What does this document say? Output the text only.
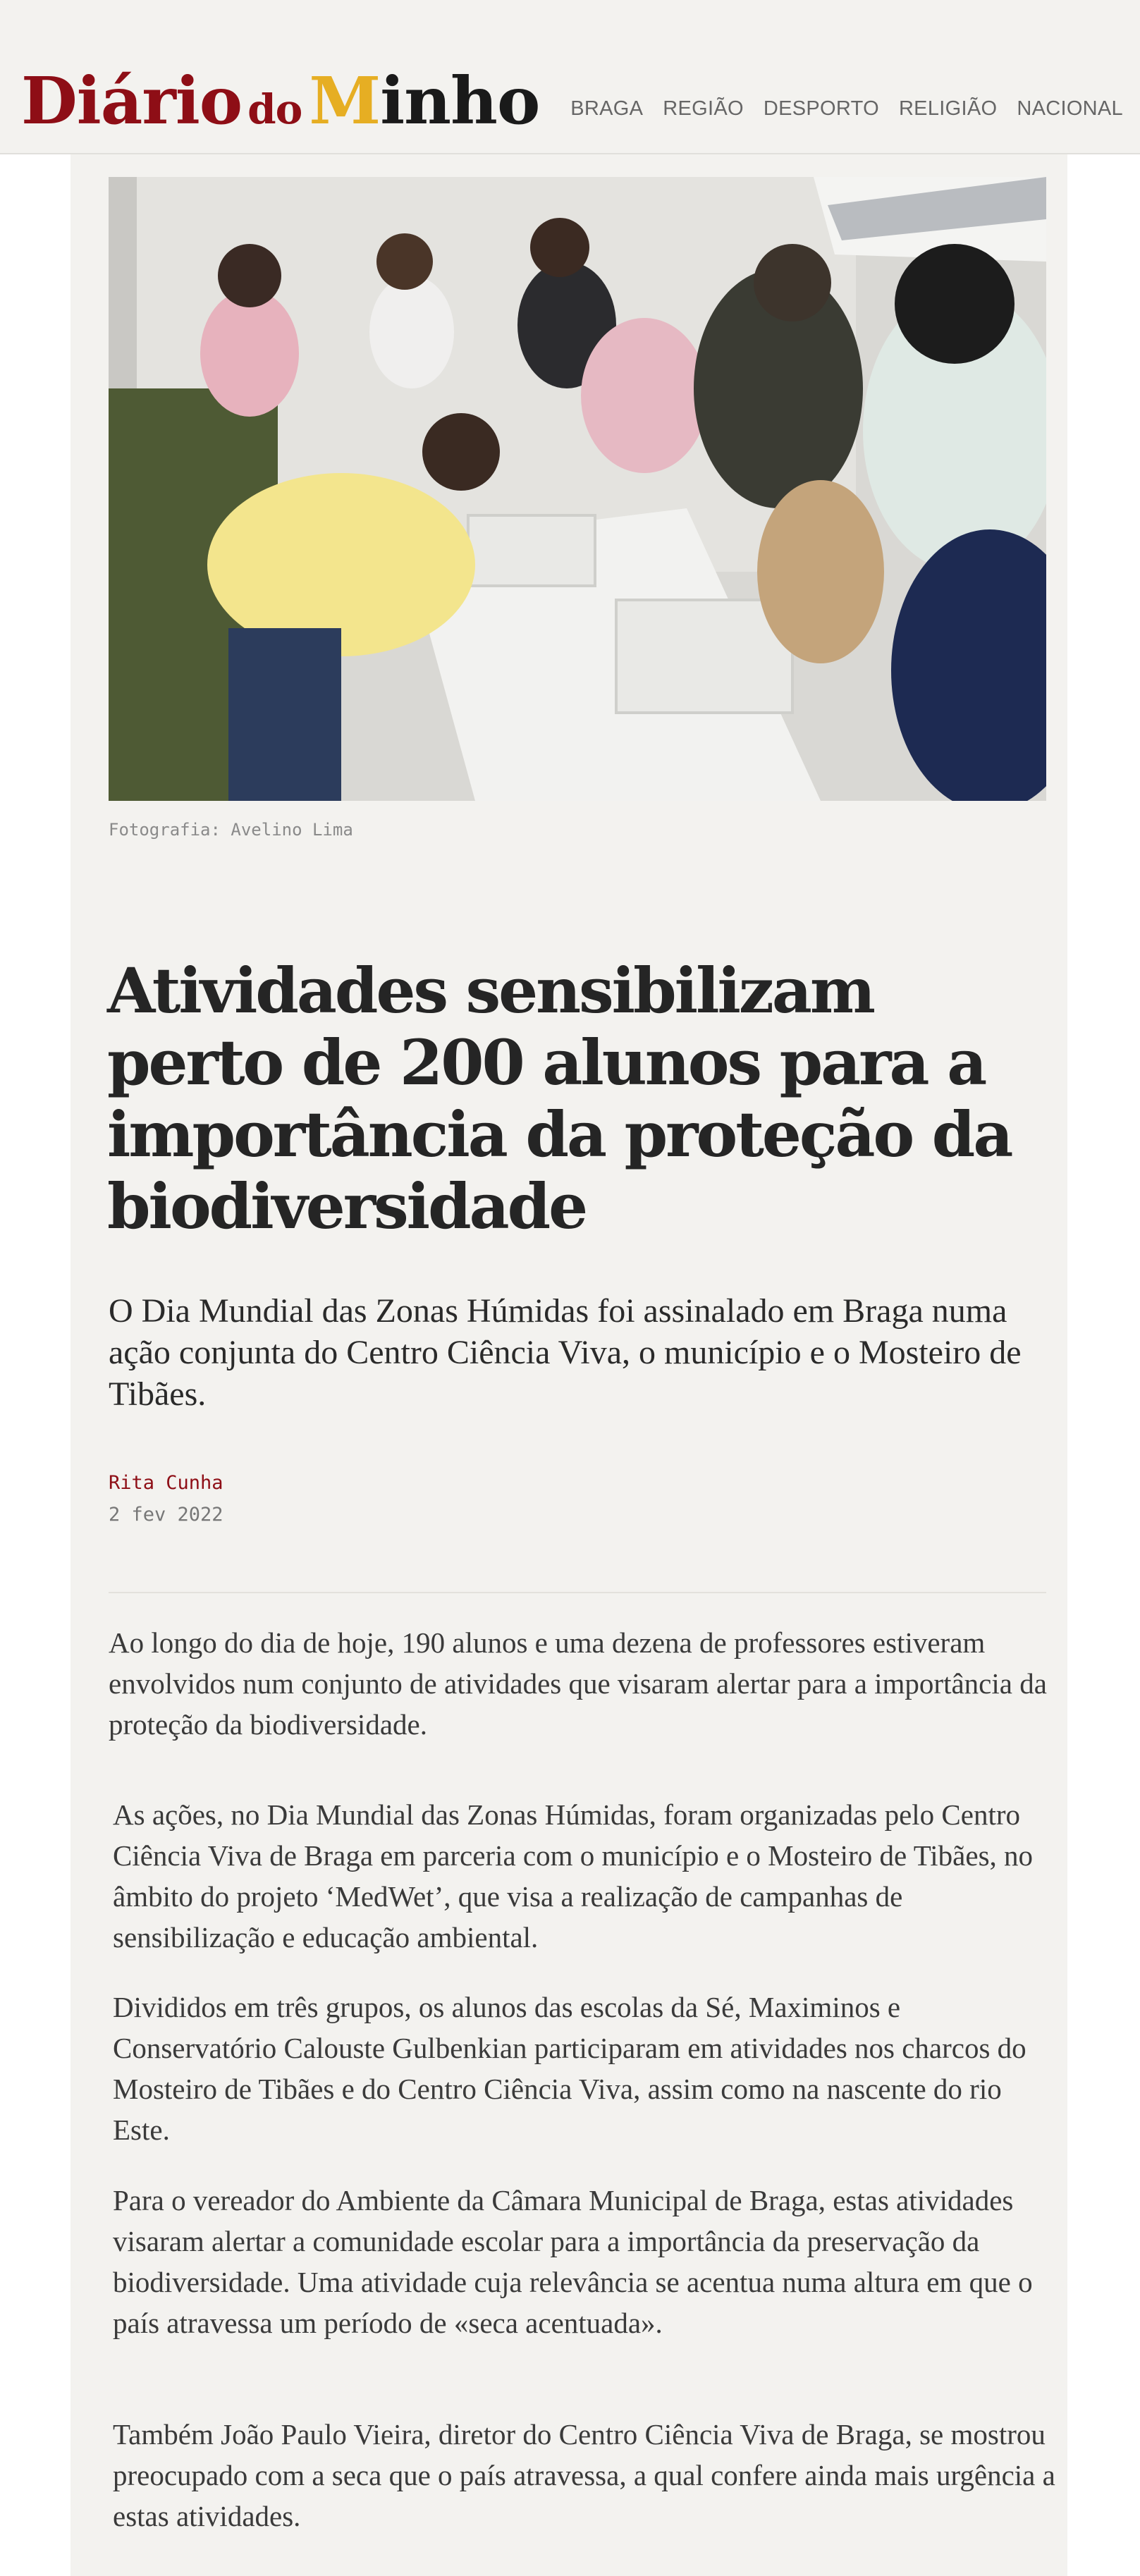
Diário do Minho BRAGA REGIÃO DESPORTO RELIGIÃO NACIONAL
Fotografia: Avelino Lima
Atividades sensibilizam perto de 200 alunos para a importância da proteção da biodiversidade

O Dia Mundial das Zonas Húmidas foi assinalado em Braga numa ação conjunta do Centro Ciência Viva, o município e o Mosteiro de Tibães.

Rita Cunha
2 fev 2022

Ao longo do dia de hoje, 190 alunos e uma dezena de professores estiveram envolvidos num conjunto de atividades que visaram alertar para a importância da proteção da biodiversidade.

As ações, no Dia Mundial das Zonas Húmidas, foram organizadas pelo Centro Ciência Viva de Braga em parceria com o município e o Mosteiro de Tibães, no âmbito do projeto ‘MedWet’, que visa a realização de campanhas de sensibilização e educação ambiental.

Divididos em três grupos, os alunos das escolas da Sé, Maximinos e Conservatório Calouste Gulbenkian participaram em atividades nos charcos do Mosteiro de Tibães e do Centro Ciência Viva, assim como na nascente do rio Este.

Para o vereador do Ambiente da Câmara Municipal de Braga, estas atividades visaram alertar a comunidade escolar para a importância da preservação da biodiversidade. Uma atividade cuja relevância se acentua numa altura em que o país atravessa um período de «seca acentuada».

Também João Paulo Vieira, diretor do Centro Ciência Viva de Braga, se mostrou preocupado com a seca que o país atravessa, a qual confere ainda mais urgência a estas atividades.
